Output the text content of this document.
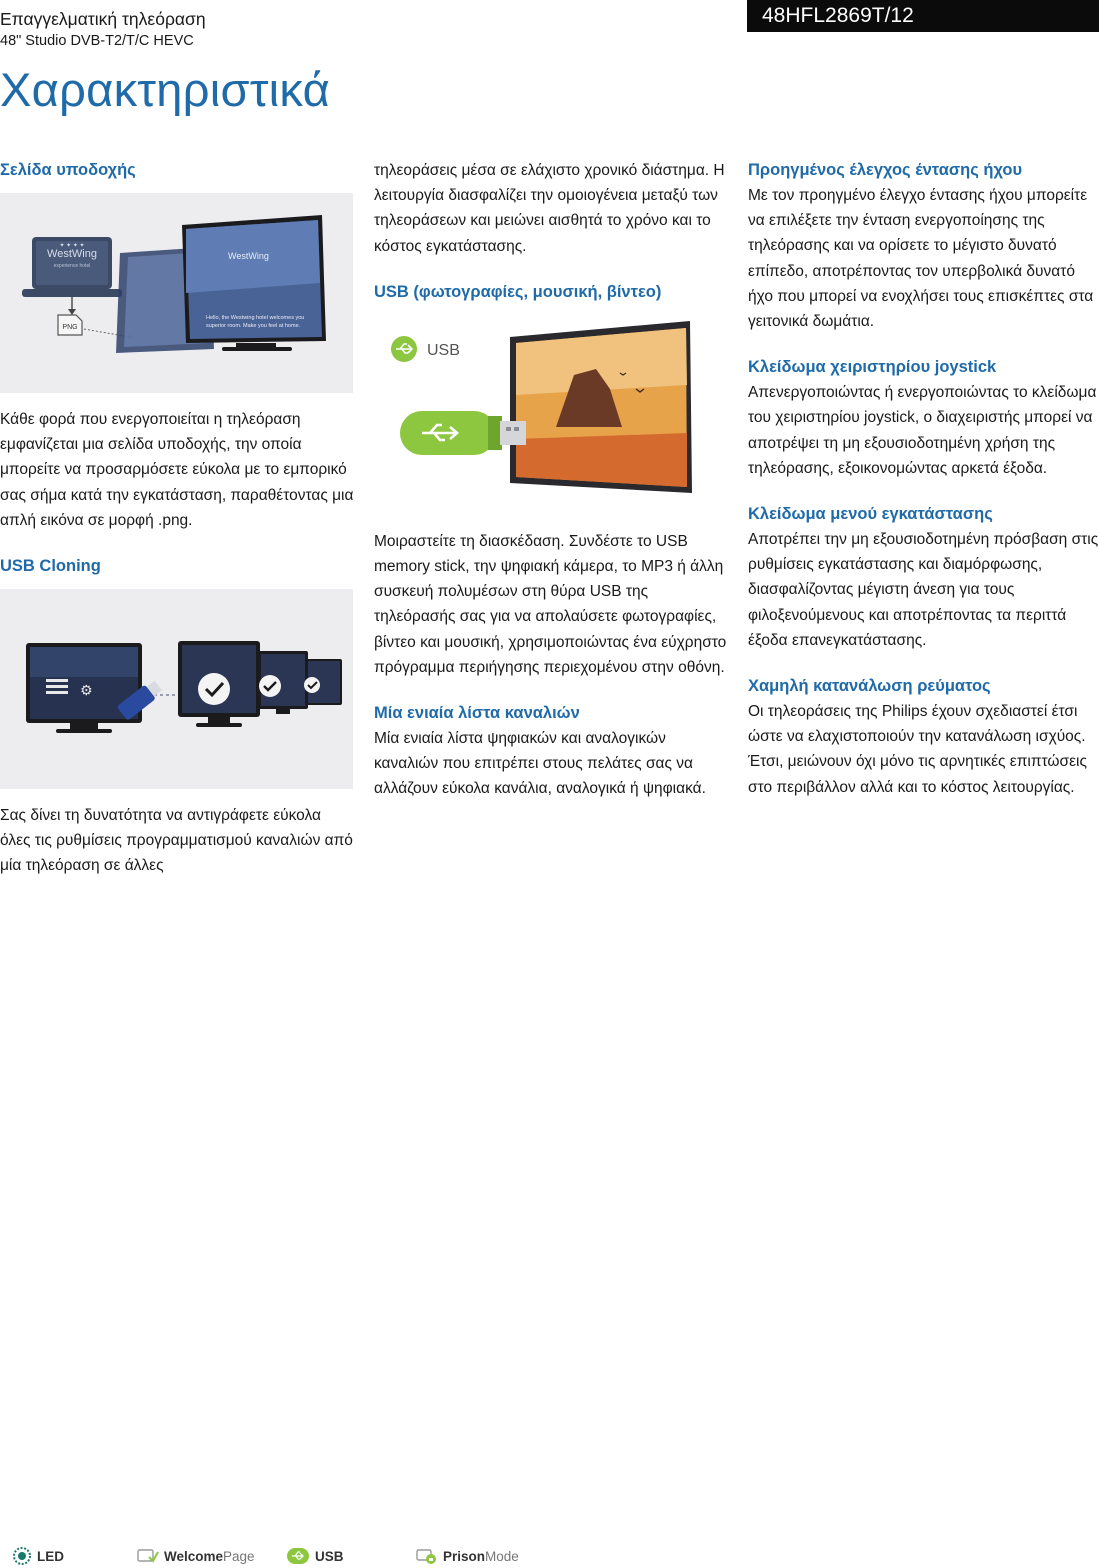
Επαγγελματική τηλεόραση
48" Studio DVB-T2/T/C HEVC
48HFL2869T/12
Χαρακτηριστικά
Σελίδα υποδοχής
WestWing
experience hotel
✦ ✦ ✦ ✦
PNG
WestWing
Hello, the Westwing hotel welcomes you
superior room. Make you feel at home.
Κάθε φορά που ενεργοποιείται η τηλεόραση εμφανίζεται μια σελίδα υποδοχής, την οποία μπορείτε να προσαρμόσετε εύκολα με το εμπορικό σας σήμα κατά την εγκατάσταση, παραθέτοντας μια απλή εικόνα σε μορφή .png.
USB Cloning
⚙
Σας δίνει τη δυνατότητα να αντιγράφετε εύκολα όλες τις ρυθμίσεις προγραμματισμού καναλιών από μία τηλεόραση σε άλλες
τηλεοράσεις μέσα σε ελάχιστο χρονικό διάστημα. Η λειτουργία διασφαλίζει την ομοιογένεια μεταξύ των τηλεοράσεων και μειώνει αισθητά το χρόνο και το κόστος εγκατάστασης.
USB (φωτογραφίες, μουσική, βίντεο)
USB
Μοιραστείτε τη διασκέδαση. Συνδέστε το USB memory stick, την ψηφιακή κάμερα, το MP3 ή άλλη συσκευή πολυμέσων στη θύρα USB της τηλεόρασής σας για να απολαύσετε φωτογραφίες, βίντεο και μουσική, χρησιμοποιώντας ένα εύχρηστο πρόγραμμα περιήγησης περιεχομένου στην οθόνη.
Μία ενιαία λίστα καναλιών
Μία ενιαία λίστα ψηφιακών και αναλογικών καναλιών που επιτρέπει στους πελάτες σας να αλλάζουν εύκολα κανάλια, αναλογικά ή ψηφιακά.
Προηγμένος έλεγχος έντασης ήχου
Με τον προηγμένο έλεγχο έντασης ήχου μπορείτε να επιλέξετε την ένταση ενεργοποίησης της τηλεόρασης και να ορίσετε το μέγιστο δυνατό επίπεδο, αποτρέποντας τον υπερβολικά δυνατό ήχο που μπορεί να ενοχλήσει τους επισκέπτες στα γειτονικά δωμάτια.
Κλείδωμα χειριστηρίου joystick
Απενεργοποιώντας ή ενεργοποιώντας το κλείδωμα του χειριστηρίου joystick, ο διαχειριστής μπορεί να αποτρέψει τη μη εξουσιοδοτημένη χρήση της τηλεόρασης, εξοικονομώντας αρκετά έξοδα.
Κλείδωμα μενού εγκατάστασης
Αποτρέπει την μη εξουσιοδοτημένη πρόσβαση στις ρυθμίσεις εγκατάστασης και διαμόρφωσης, διασφαλίζοντας μέγιστη άνεση για τους φιλοξενούμενους και αποτρέποντας τα περιττά έξοδα επανεγκατάστασης.
Χαμηλή κατανάλωση ρεύματος
Οι τηλεοράσεις της Philips έχουν σχεδιαστεί έτσι ώστε να ελαχιστοποιούν την κατανάλωση ισχύος. Έτσι, μειώνουν όχι μόνο τις αρνητικές επιπτώσεις στο περιβάλλον αλλά και το κόστος λειτουργίας.
LED	WelcomePage	USB	PrisonMode
